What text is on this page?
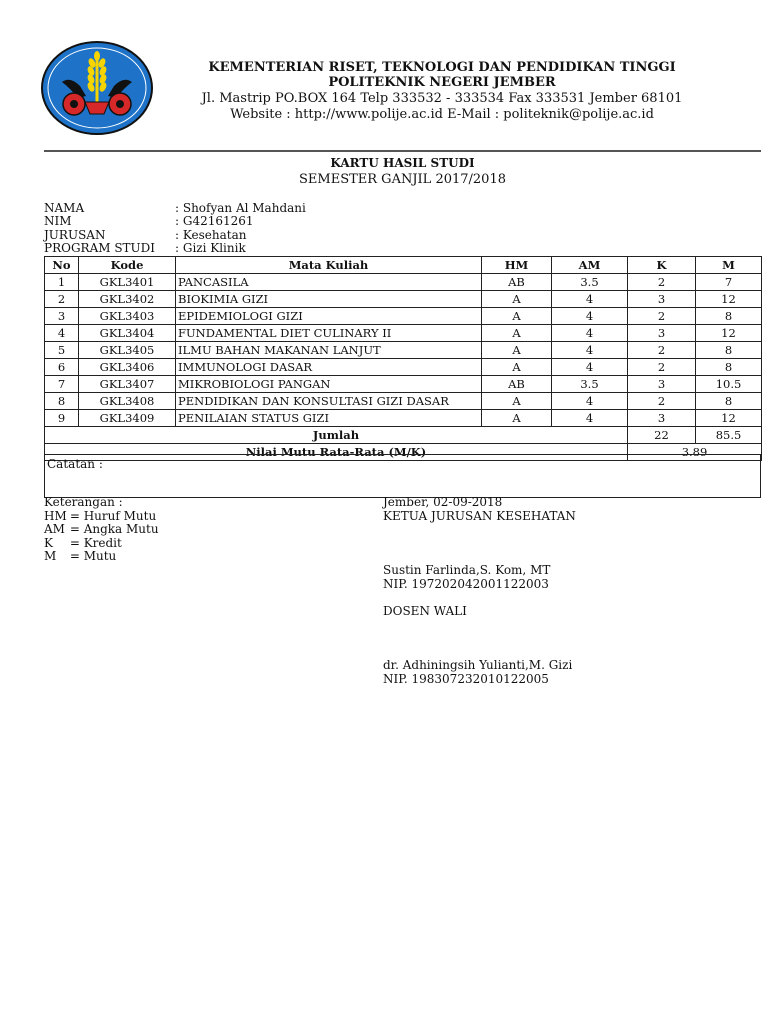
KEMENTERIAN RISET, TEKNOLOGI DAN PENDIDIKAN TINGGI
POLITEKNIK NEGERI JEMBER
Jl. Mastrip PO.BOX 164 Telp 333532 - 333534 Fax 333531 Jember 68101
Website : http://www.polije.ac.id E-Mail : politeknik@polije.ac.id
KARTU HASIL STUDI
SEMESTER GANJIL 2017/2018
NAMA	: Shofyan Al Mahdani
NIM	: G42161261
JURUSAN	: Kesehatan
PROGRAM STUDI : Gizi Klinik
No	Kode	Mata Kuliah	HM	AM	K	M
1	GKL3401	PANCASILA	AB	3.5	2	7
2	GKL3402	BIOKIMIA GIZI	A	4	3	12
3	GKL3403	EPIDEMIOLOGI GIZI	A	4	2	8
4	GKL3404	FUNDAMENTAL DIET CULINARY II	A	4	3	12
5	GKL3405	ILMU BAHAN MAKANAN LANJUT	A	4	2	8
6	GKL3406	IMMUNOLOGI DASAR	A	4	2	8
7	GKL3407	MIKROBIOLOGI PANGAN	AB	3.5	3	10.5
8	GKL3408	PENDIDIKAN DAN KONSULTASI GIZI DASAR	A	4	2	8
9	GKL3409	PENILAIAN STATUS GIZI	A	4	3	12
Jumlah					22	85.5
Nilai Mutu Rata-Rata (M/K)					3.89	
Catatan :
Keterangan :
HM = Huruf Mutu
AM = Angka Mutu
K = Kredit
M = Mutu
Jember, 02-09-2018
KETUA JURUSAN KESEHATAN
Sustin Farlinda,S. Kom, MT
NIP. 197202042001122003
DOSEN WALI
dr. Adhiningsih Yulianti,M. Gizi
NIP. 198307232010122005
